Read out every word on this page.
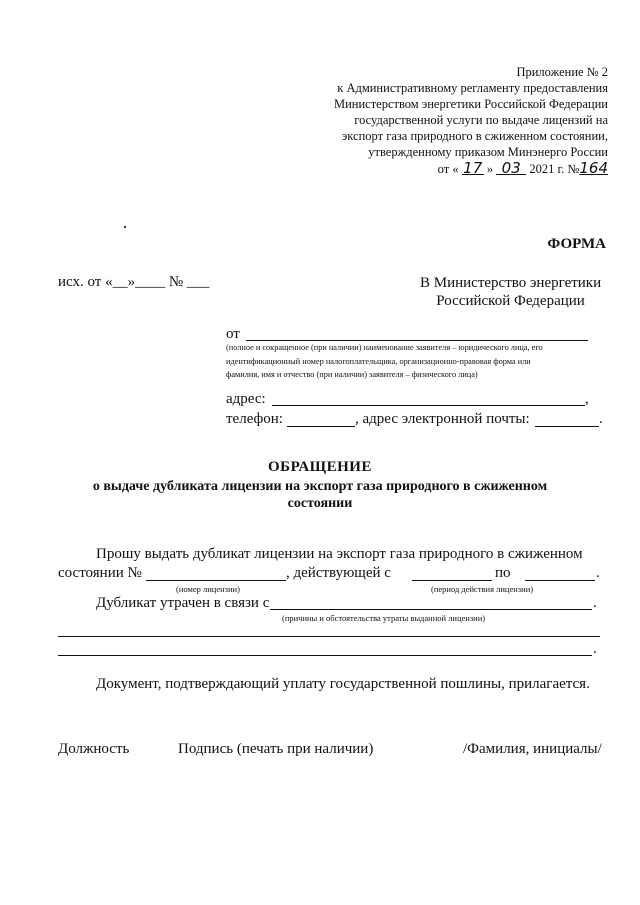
Приложение № 2
к Административному регламенту предоставления
Министерством энергетики Российской Федерации
государственной услуги по выдаче лицензий на
экспорт газа природного в сжиженном состоянии,
утвержденному приказом Минэнерго России
от « 17 » 03 2021 г. №164
ФОРМА
исх. от «__»____ № ___	В Министерство энергетики
Российской Федерации
от
(полное и сокращенное (при наличии) наименование заявителя – юридического лица, его
идентификационный номер налогоплательщика, организационно-правовая форма или
фамилия, имя и отчество (при наличии) заявителя – физического лица)
адрес:	,
телефон:	, адрес электронной почты:	.
ОБРАЩЕНИЕ
о выдаче дубликата лицензии на экспорт газа природного в сжиженном
состоянии
Прошу выдать дубликат лицензии на экспорт газа природного в сжиженном
состоянии №	, действующей с	по	.
(номер лицензии)	(период действия лицензии)
Дубликат утрачен в связи с	.
(причины и обстоятельства утраты выданной лицензии)
.
Документ, подтверждающий уплату государственной пошлины, прилагается.
Должность	Подпись (печать при наличии)	/Фамилия, инициалы/
